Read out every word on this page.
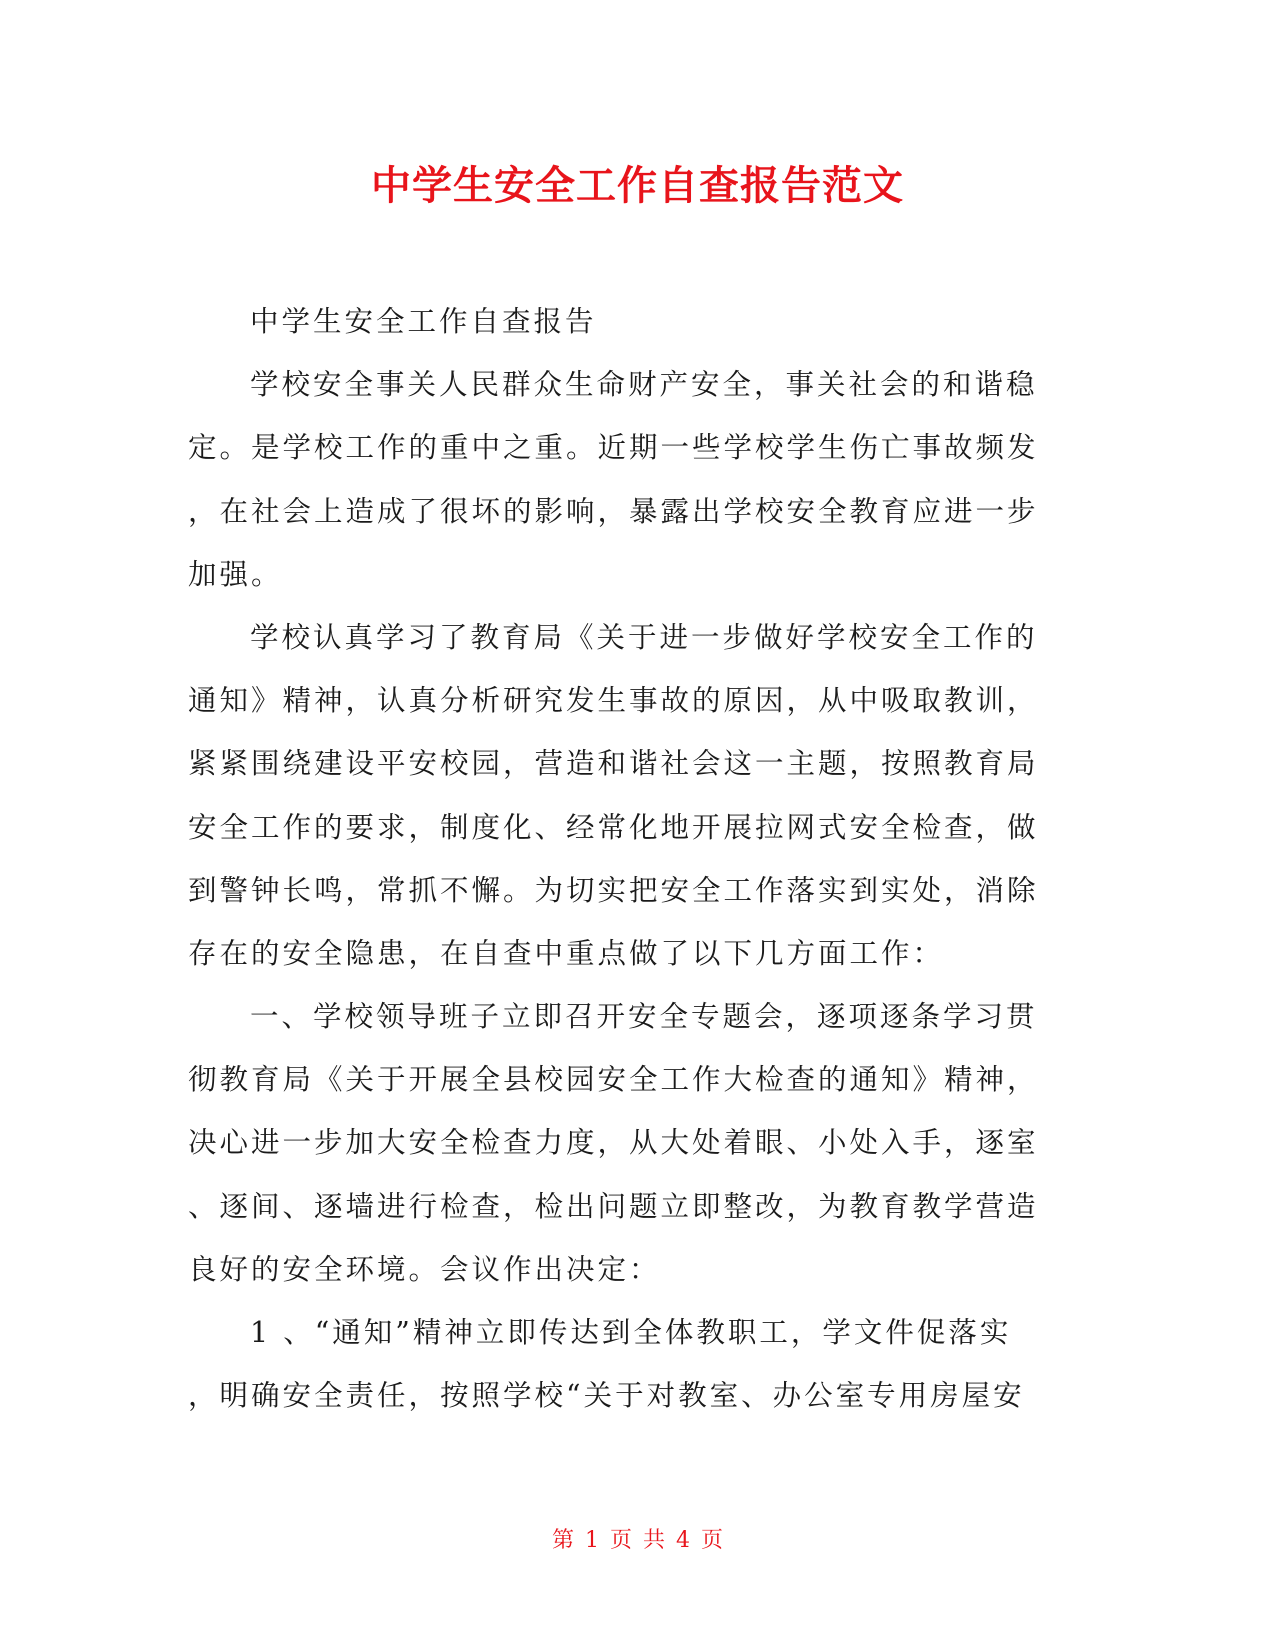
中学生安全工作自查报告范文
中学生安全工作自查报告
学校安全事关人民群众生命财产安全，事关社会的和谐稳
定。是学校工作的重中之重。近期一些学校学生伤亡事故频发
，在社会上造成了很坏的影响，暴露出学校安全教育应进一步
加强。
学校认真学习了教育局《关于进一步做好学校安全工作的
通知》精神，认真分析研究发生事故的原因，从中吸取教训，
紧紧围绕建设平安校园，营造和谐社会这一主题，按照教育局
安全工作的要求，制度化、经常化地开展拉网式安全检查，做
到警钟长鸣，常抓不懈。为切实把安全工作落实到实处，消除
存在的安全隐患，在自查中重点做了以下几方面工作：
一、学校领导班子立即召开安全专题会，逐项逐条学习贯
彻教育局《关于开展全县校园安全工作大检查的通知》精神，
决心进一步加大安全检查力度，从大处着眼、小处入手，逐室
、逐间、逐墙进行检查，检出问题立即整改，为教育教学营造
良好的安全环境。会议作出决定：
1 、“通知”精神立即传达到全体教职工，学文件促落实
，明确安全责任，按照学校“关于对教室、办公室专用房屋安
第 1 页 共 4 页
